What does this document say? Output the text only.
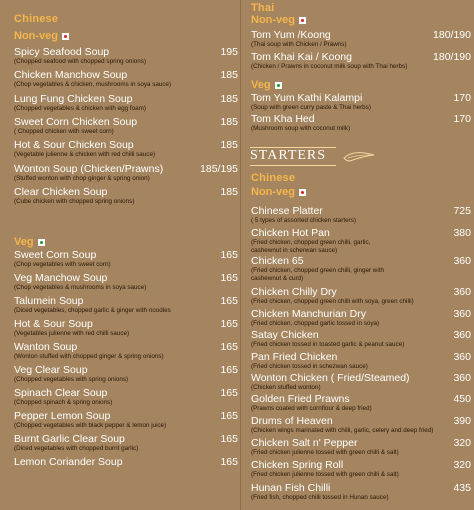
Chinese
Non-veg
Spicy Seafood Soup
(Chopped seafood with chopped spring onions)
195
Chicken Manchow Soup
(Chop vegetables & chicken, mushrooms in soya sauce)
185
Lung Fung Chicken Soup
(Chopped vegetables & chicken with egg foam)
185
Sweet Corn Chicken Soup
( Chopped chicken with sweet corn)
185
Hot & Sour Chicken Soup
(Vegetable julienne & chicken with red chilli sauce)
185
Wonton Soup (Chicken/Prawns)
(Stuffed wonton with chop ginger & spring onion)
185/195
Clear Chicken Soup
(Cube chicken with chopped spring onions)
185
Veg
Sweet Corn Soup
(Chop vegetables with sweet corn)
165
Veg Manchow Soup
(Chop vegetables & mushrooms in soya sauce)
165
Talumein Soup
(Diced vegetables, chopped garlic & ginger with noodles
165
Hot & Sour Soup
(Vegetables julienne with red chilli sauce)
165
Wanton Soup
(Wonton stuffed with chopped ginger & spring onions)
165
Veg Clear Soup
(Chopped vegetables with spring onions)
165
Spinach Clear Soup
(Chopped spinach & spring onions)
165
Pepper Lemon Soup
(Chopped vegetables with black pepper & lemon juice)
165
Burnt Garlic Clear Soup
(Diced vegetables with chopped burnt garlic)
165
Lemon Coriander Soup	165
Thai
Non-veg
Tom Yum /Koong
(Thai soup with Chicken / Prawns)
180/190
Tom Khai Kai / Koong
(Chicken / Prawns in coconut milk soup with Thai herbs)
180/190
Veg
Tom Yum Kathi Kalampi
(Soup with green curry paste & Thai herbs)
170
Tom Kha Hed
(Mushroom soup with coconut milk)
170
Chinese
Non-veg
Chinese Platter
( 5 types of assorted chicken starters)
725
Chicken Hot Pan
(Fried chicken, chopped green chilli, garlic,
cashewnut in scherwan sauce)
380
Chicken 65
(Fried chicken, chopped green chilli, ginger with
cashewnut & curd)
360
Chicken Chilly Dry
(Fried chicken, chopped green chilli with soya, green chilli)
360
Chicken Manchurian Dry
(Fried chicken, chopped garlic tossed in soya)
360
Satay Chicken
(Fried chicken tossed in toasted garlic & peanut sauce)
360
Pan Fried Chicken
(Fried chicken tossed in schezwan sauce)
360
Wonton Chicken ( Fried/Steamed)
(Chicken stuffed wonton)
360
Golden Fried Prawns
(Prawns coated with cornflour & deep fried)
450
Drums of Heaven
(Chicken wings marinated with chilli, garlic, celery and deep fried)
390
Chicken Salt n' Pepper
(Fried chicken julienne tossed with green chilli & salt)
320
Chicken Spring Roll
(Fried chicken julienne tossed with green chilli & salt)
320
Hunan Fish Chilli
(Fried fish, chopped chilli tossed in Hunan sauce)
435
STARTERS
